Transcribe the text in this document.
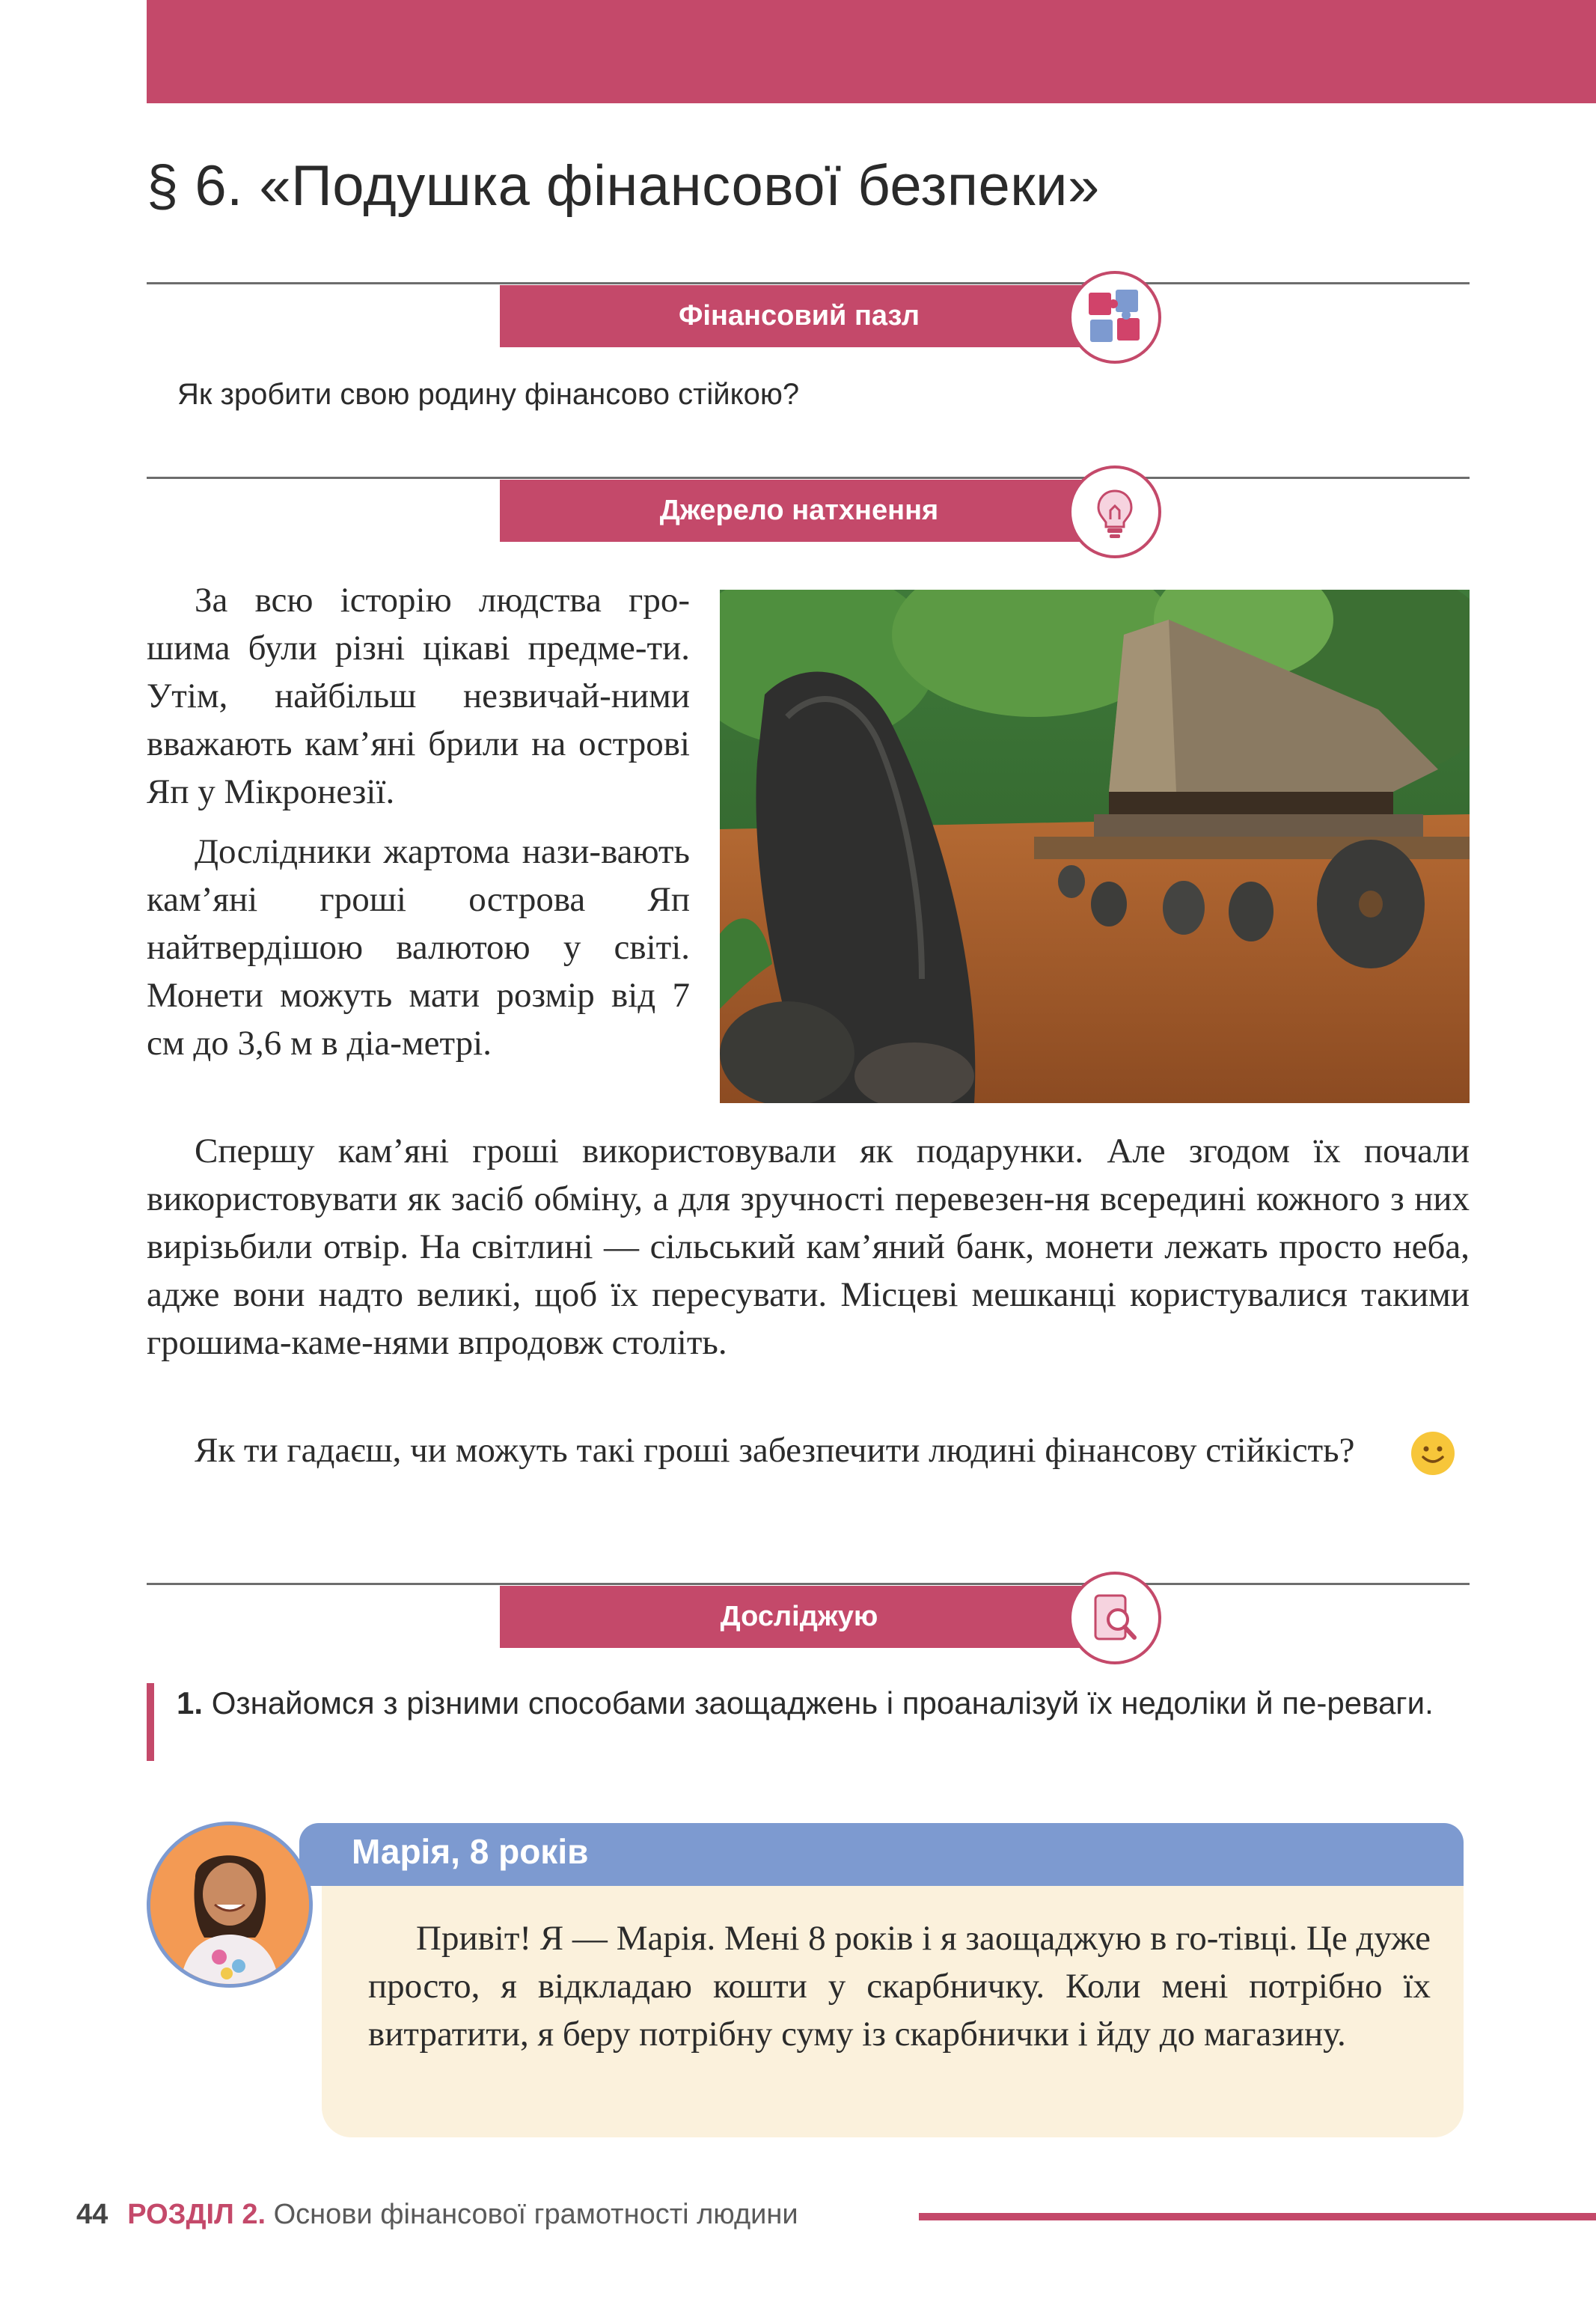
§ 6. «Подушка фінансової безпеки»
Фінансовий пазл
Як зробити свою родину фінансово стійкою?
Джерело натхнення

За всю історію людства гро-шима були різні цікаві предме-ти. Утім, найбільш незвичай-ними вважають кам’яні брили на острові Яп у Мікронезії.

Дослідники жартома нази-вають кам’яні гроші острова Яп найтвердішою валютою у світі. Монети можуть мати розмір від 7 см до 3,6 м в діа-метрі.

Спершу кам’яні гроші використовували як подарунки. Але згодом їх почали використовувати як засіб обміну, а для зручності перевезен-ня всередині кожного з них вирізьбили отвір. На світлині — сільський кам’яний банк, монети лежать просто неба, адже вони надто великі, щоб їх пересувати. Місцеві мешканці користувалися такими грошима-каме-нями впродовж століть.

Як ти гадаєш, чи можуть такі гроші забезпечити людині фінансову стійкість?

Досліджую

1. Ознайомся з різними способами заощаджень і проаналізуй їх недоліки й пе-реваги.

Марія, 8 років

Привіт! Я — Марія. Мені 8 років і я заощаджую в го-тівці. Це дуже просто, я відкладаю кошти у скарбничку. Коли мені потрібно їх витратити, я беру потрібну суму із скарбнички і йду до магазину.

44 РОЗДІЛ 2. Основи фінансової грамотності людини
